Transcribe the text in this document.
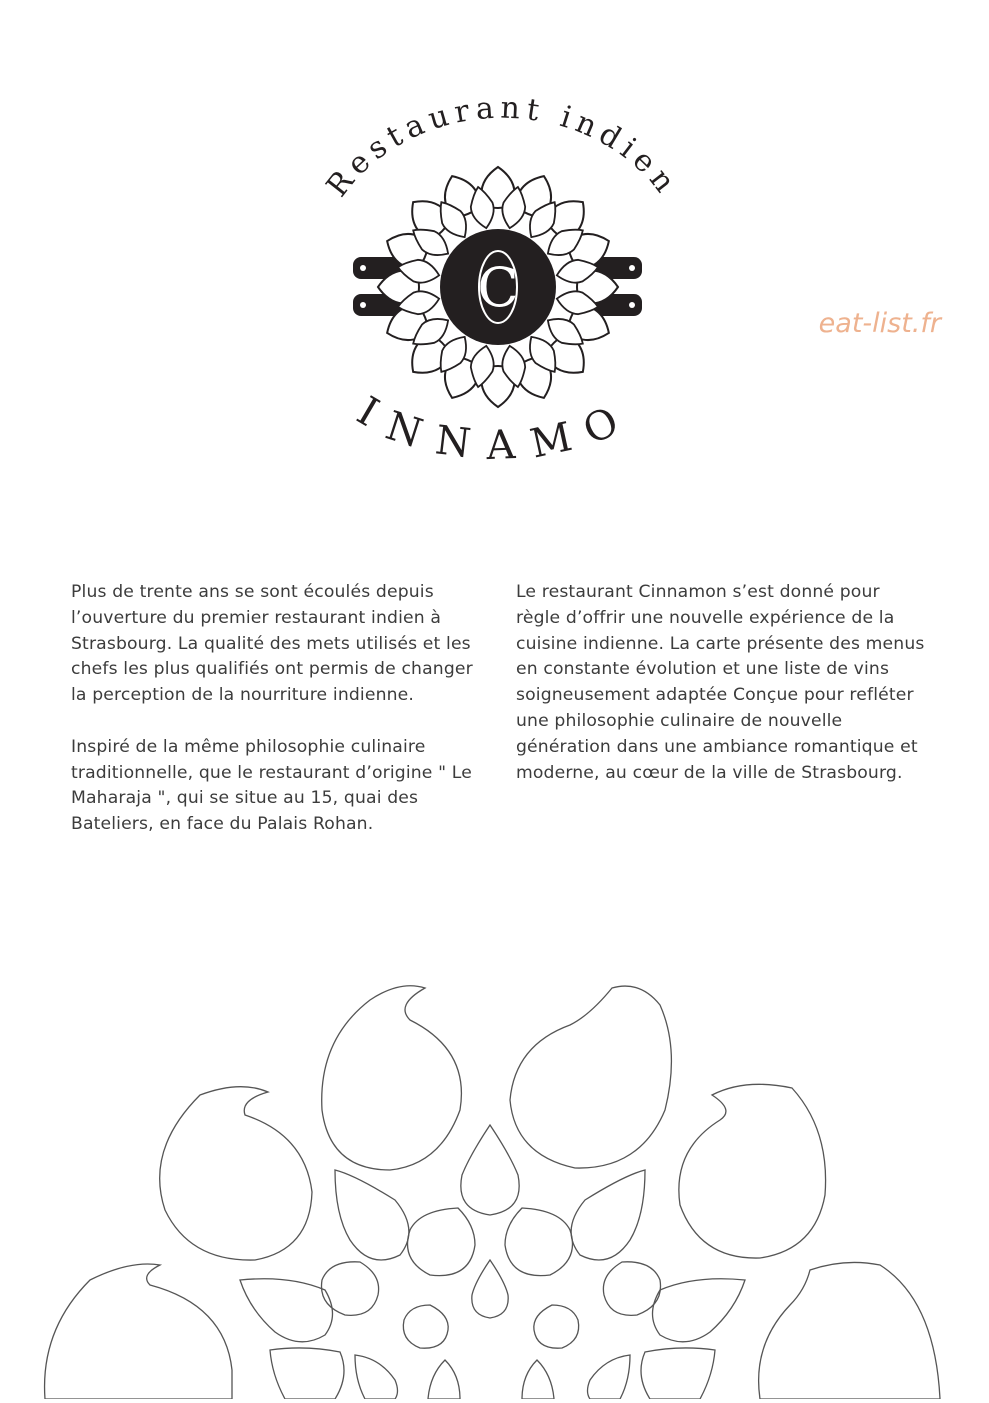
Restaurant indien
INNAMO
C
eat-list.fr

Plus de trente ans se sont écoulés depuis l’ouverture du premier restaurant indien à Strasbourg. La qualité des mets utilisés et les chefs les plus qualifiés ont permis de changer la perception de la nourriture indienne.

Inspiré de la même philosophie culinaire traditionnelle, que le restaurant d’origine " Le Maharaja ", qui se situe au 15, quai des Bateliers, en face du Palais Rohan.

Le restaurant Cinnamon s’est donné pour règle d’offrir une nouvelle expérience de la cuisine indienne. La carte présente des menus en constante évolution et une liste de vins soigneusement adaptée Conçue pour refléter une philosophie culinaire de nouvelle génération dans une ambiance romantique et moderne, au cœur de la ville de Strasbourg.
